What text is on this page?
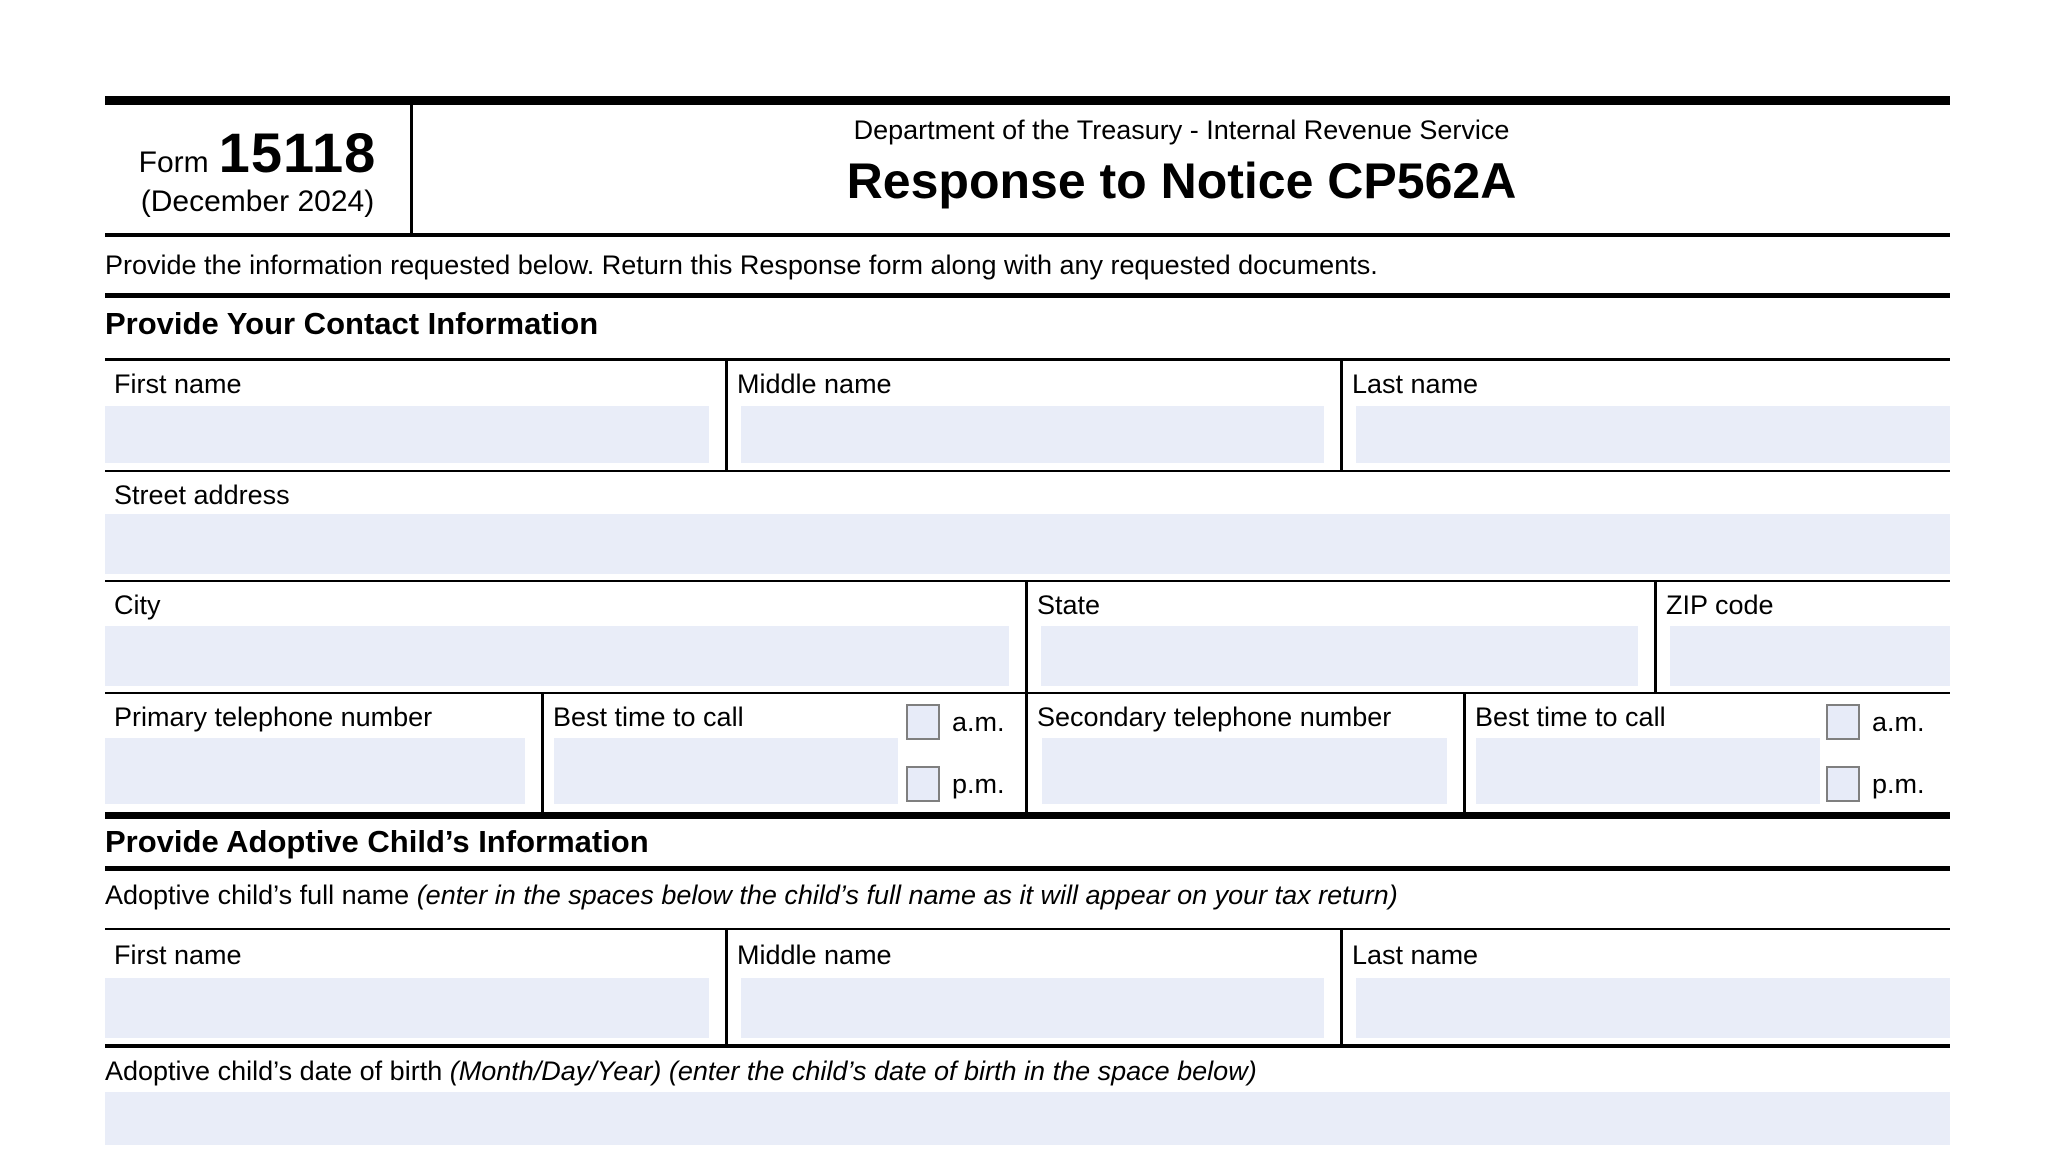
Form 15118
(December 2024)
Department of the Treasury - Internal Revenue Service
Response to Notice CP562A
Provide the information requested below. Return this Response form along with any requested documents.
Provide Your Contact Information
First name	Middle name	Last name
Street address
City	State	ZIP code
Primary telephone number	Best time to call	a.m.
p.m.
Secondary telephone number	Best time to call	a.m.
p.m.
Provide Adoptive Child’s Information
Adoptive child’s full name (enter in the spaces below the child’s full name as it will appear on your tax return)
First name	Middle name	Last name
Adoptive child’s date of birth (Month/Day/Year) (enter the child’s date of birth in the space below)
